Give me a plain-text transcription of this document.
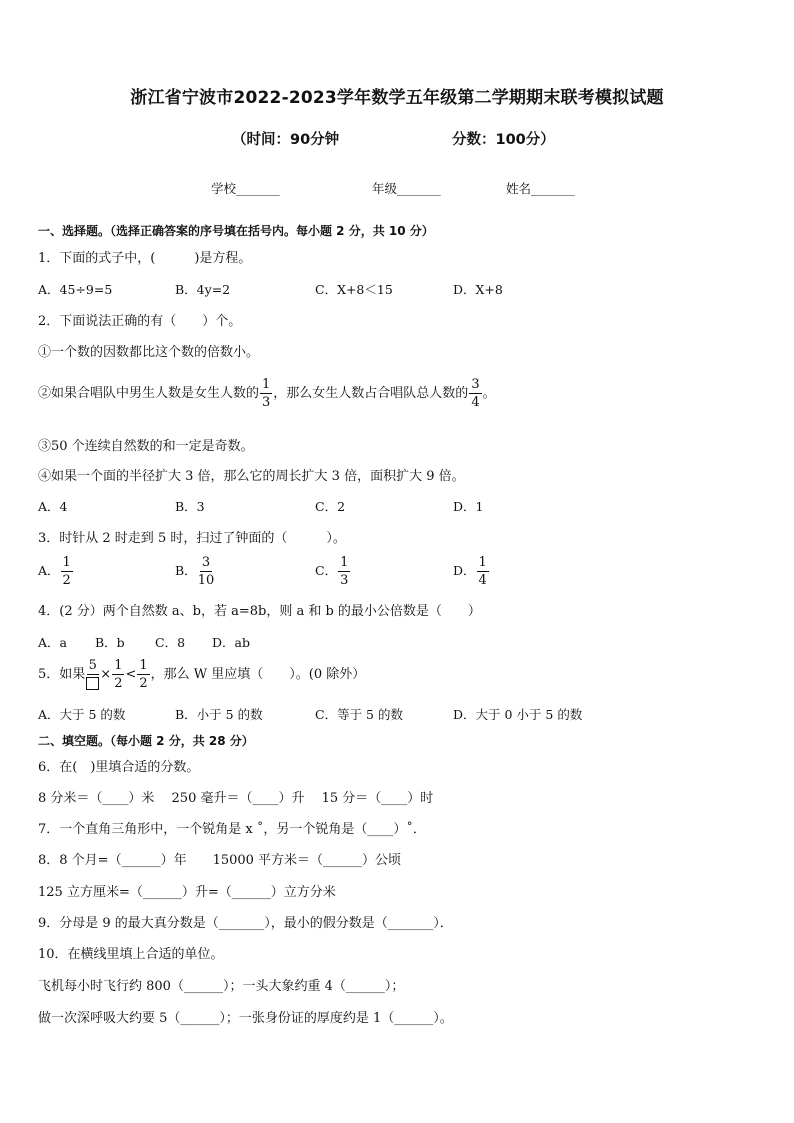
浙江省宁波市2022-2023学年数学五年级第二学期期末联考模拟试题
（时间：90分钟	分数：100分）
学校_______	年级_______	姓名_______
一、选择题。（选择正确答案的序号填在括号内。每小题 2 分，共 10 分）
1．下面的式子中，(　　　)是方程。
A．45÷9=5	B．4y=2	C．X+8＜15	D．X+8
2．下面说法正确的有（　　）个。
①一个数的因数都比这个数的倍数小。
②如果合唱队中男生人数是女生人数的 $\frac{1}{3}$ ，那么女生人数占合唱队总人数的 $\frac{3}{4}$ 。
③50 个连续自然数的和一定是奇数。
④如果一个面的半径扩大 3 倍，那么它的周长扩大 3 倍，面积扩大 9 倍。
A．4	B．3	C．2	D．1
3．时针从 2 时走到 5 时，扫过了钟面的（　　　）。
A． $\frac{1}{2}$	B． $\frac{3}{10}$	C． $\frac{1}{3}$	D． $\frac{1}{4}$
4．(2 分）两个自然数 a、b，若 a=8b，则 a 和 b 的最小公倍数是（　　）
A．a B．b C．8 D．ab
5．如果
5
× $\frac{1}{2} < \frac{1}{2}$ ，那么 W 里应填（　　）。(0 除外）
A．大于 5 的数	B．小于 5 的数	C．等于 5 的数	D．大于 0 小于 5 的数
二、填空题。（每小题 2 分，共 28 分）
6．在(　)里填合适的分数。
8 分米＝（____）米　 250 毫升＝（____）升　 15 分＝（____）时
7．一个直角三角形中，一个锐角是 x ˚，另一个锐角是（____）˚．
8．8 个月=（______）年　　15000 平方米＝（______）公顷
125 立方厘米=（______）升=（______）立方分米
9．分母是 9 的最大真分数是（_______），最小的假分数是（_______）．
10．在横线里填上合适的单位。
飞机每小时飞行约 800（______）；一头大象约重 4（______）；
做一次深呼吸大约要 5（______）；一张身份证的厚度约是 1（______）。
